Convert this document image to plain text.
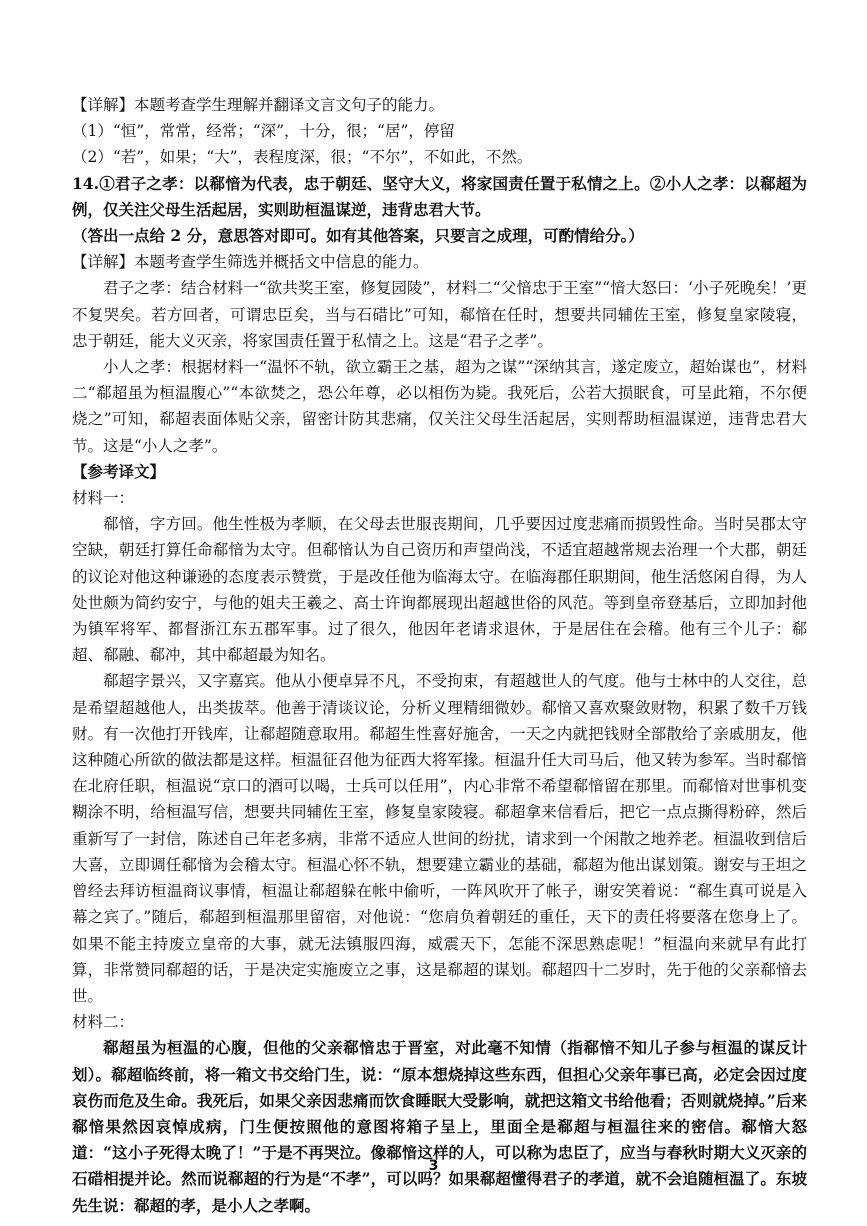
【详解】本题考查学生理解并翻译文言文句子的能力。

（1）“恒”，常常，经常；“深”，十分，很；“居”，停留

（2）“若”，如果；“大”，表程度深，很；“不尔”，不如此，不然。

14.①君子之孝：以郗愔为代表，忠于朝廷、坚守大义，将家国责任置于私情之上。②小人之孝：以郗超为例，仅关注父母生活起居，实则助桓温谋逆，违背忠君大节。

（答出一点给 2 分，意思答对即可。如有其他答案，只要言之成理，可酌情给分。）

【详解】本题考查学生筛选并概括文中信息的能力。

君子之孝：结合材料一“欲共奖王室，修复园陵”，材料二“父愔忠于王室”“愔大怒曰：‘小子死晚矣！’更不复哭矣。若方回者，可谓忠臣矣，当与石碏比”可知，郗愔在任时，想要共同辅佐王室，修复皇家陵寝，忠于朝廷，能大义灭亲，将家国责任置于私情之上。这是“君子之孝”。

小人之孝：根据材料一“温怀不轨，欲立霸王之基，超为之谋”“深纳其言，遂定废立，超始谋也”，材料二“郗超虽为桓温腹心”“本欲焚之，恐公年尊，必以相伤为毙。我死后，公若大损眠食，可呈此箱，不尔便烧之”可知，郗超表面体贴父亲，留密计防其悲痛，仅关注父母生活起居，实则帮助桓温谋逆，违背忠君大节。这是“小人之孝”。

【参考译文】

材料一：

郗愔，字方回。他生性极为孝顺，在父母去世服丧期间，几乎要因过度悲痛而损毁性命。当时吴郡太守空缺，朝廷打算任命郗愔为太守。但郗愔认为自己资历和声望尚浅，不适宜超越常规去治理一个大郡，朝廷的议论对他这种谦逊的态度表示赞赏，于是改任他为临海太守。在临海郡任职期间，他生活悠闲自得，为人处世颇为简约安宁，与他的姐夫王羲之、高士许询都展现出超越世俗的风范。等到皇帝登基后，立即加封他为镇军将军、都督浙江东五郡军事。过了很久，他因年老请求退休，于是居住在会稽。他有三个儿子：郗超、郗融、郗冲，其中郗超最为知名。

郗超字景兴，又字嘉宾。他从小便卓异不凡，不受拘束，有超越世人的气度。他与士林中的人交往，总是希望超越他人，出类拔萃。他善于清谈议论，分析义理精细微妙。郗愔又喜欢聚敛财物，积累了数千万钱财。有一次他打开钱库，让郗超随意取用。郗超生性喜好施舍，一天之内就把钱财全部散给了亲戚朋友，他这种随心所欲的做法都是这样。桓温征召他为征西大将军掾。桓温升任大司马后，他又转为参军。当时郗愔在北府任职，桓温说“京口的酒可以喝，士兵可以任用”，内心非常不希望郗愔留在那里。而郗愔对世事机变糊涂不明，给桓温写信，想要共同辅佐王室，修复皇家陵寝。郗超拿来信看后，把它一点点撕得粉碎，然后重新写了一封信，陈述自己年老多病，非常不适应人世间的纷扰，请求到一个闲散之地养老。桓温收到信后大喜，立即调任郗愔为会稽太守。桓温心怀不轨，想要建立霸业的基础，郗超为他出谋划策。谢安与王坦之曾经去拜访桓温商议事情，桓温让郗超躲在帐中偷听，一阵风吹开了帐子，谢安笑着说：“郗生真可说是入幕之宾了。”随后，郗超到桓温那里留宿，对他说：“您肩负着朝廷的重任，天下的责任将要落在您身上了。如果不能主持废立皇帝的大事，就无法镇服四海，威震天下，怎能不深思熟虑呢！”桓温向来就早有此打算，非常赞同郗超的话，于是决定实施废立之事，这是郗超的谋划。郗超四十二岁时，先于他的父亲郗愔去世。

材料二：

郗超虽为桓温的心腹，但他的父亲郗愔忠于晋室，对此毫不知情（指郗愔不知儿子参与桓温的谋反计划）。郗超临终前，将一箱文书交给门生，说：“原本想烧掉这些东西，但担心父亲年事已高，必定会因过度哀伤而危及生命。我死后，如果父亲因悲痛而饮食睡眠大受影响，就把这箱文书给他看；否则就烧掉。”后来郗愔果然因哀悼成病，门生便按照他的意图将箱子呈上，里面全是郗超与桓温往来的密信。郗愔大怒道：“这小子死得太晚了！”于是不再哭泣。像郗愔这样的人，可以称为忠臣了，应当与春秋时期大义灭亲的石碏相提并论。然而说郗超的行为是“不孝”，可以吗？如果郗超懂得君子的孝道，就不会追随桓温了。东坡先生说：郗超的孝，是小人之孝啊。

3
